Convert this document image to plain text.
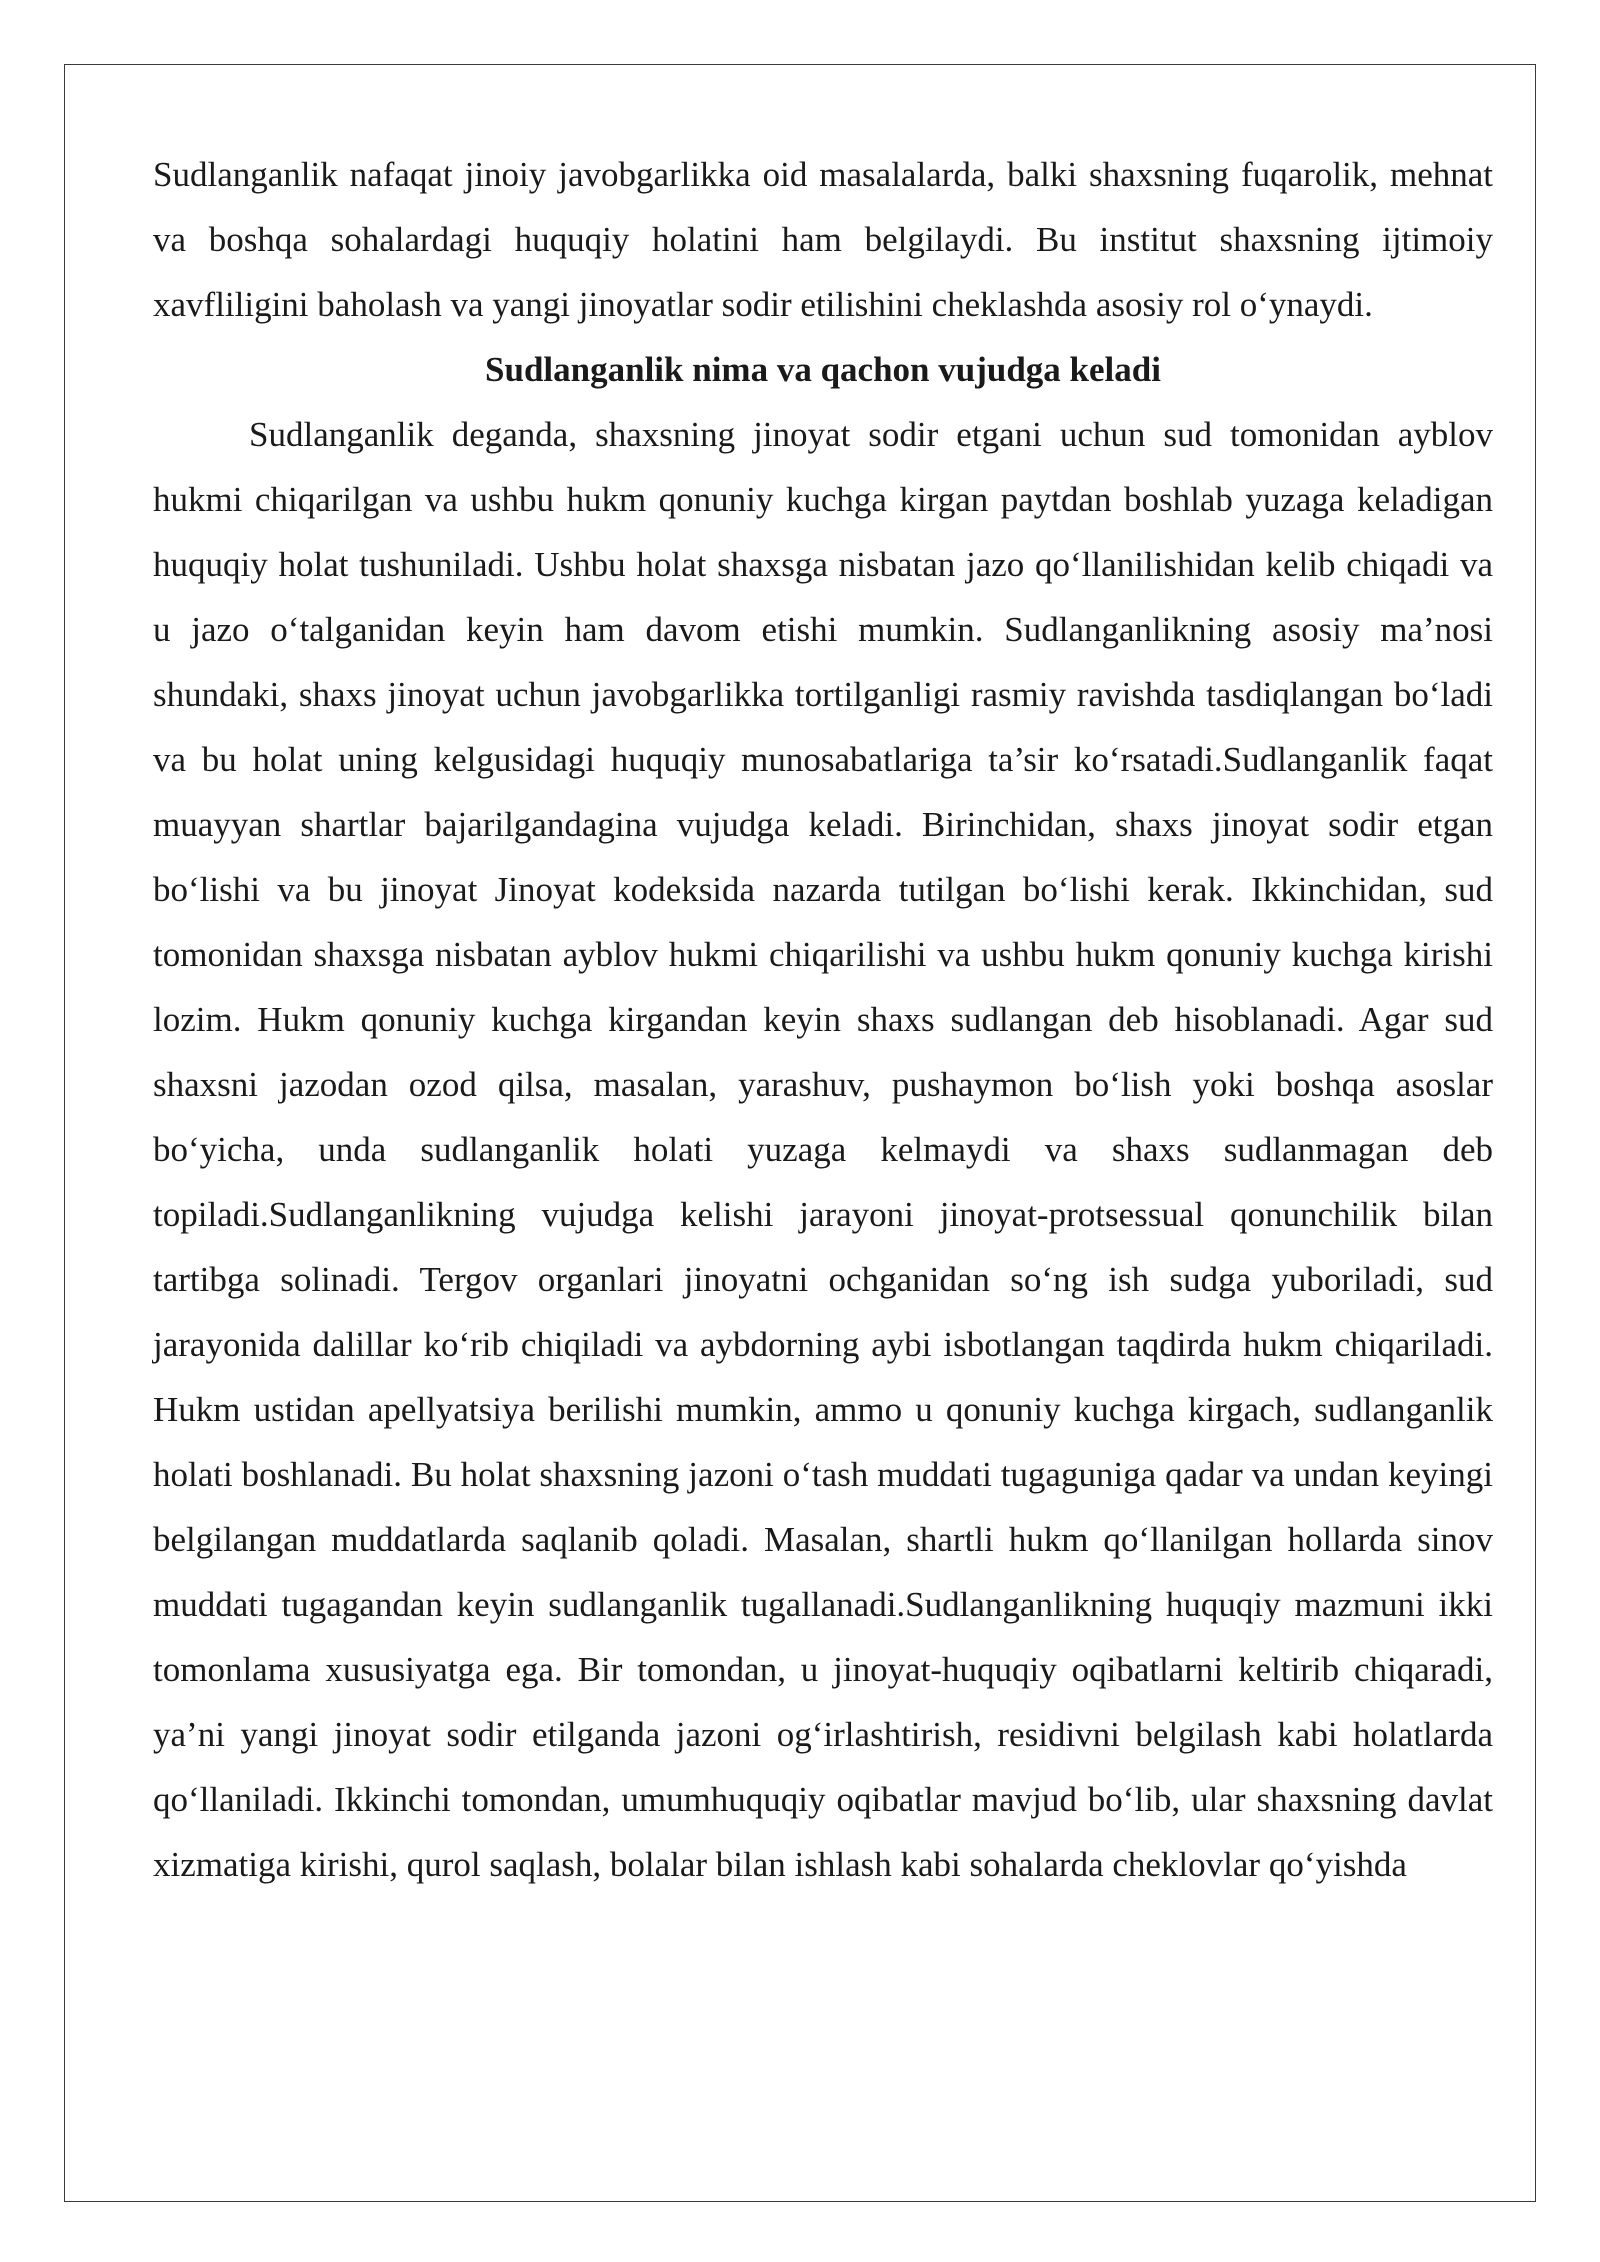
Sudlanganlik nafaqat jinoiy javobgarlikka oid masalalarda, balki shaxsning fuqarolik, mehnat va boshqa sohalardagi huquqiy holatini ham belgilaydi. Bu institut shaxsning ijtimoiy xavfliligini baholash va yangi jinoyatlar sodir etilishini cheklashda asosiy rol o‘ynaydi.

Sudlanganlik nima va qachon vujudga keladi

Sudlanganlik deganda, shaxsning jinoyat sodir etgani uchun sud tomonidan ayblov hukmi chiqarilgan va ushbu hukm qonuniy kuchga kirgan paytdan boshlab yuzaga keladigan huquqiy holat tushuniladi. Ushbu holat shaxsga nisbatan jazo qo‘llanilishidan kelib chiqadi va u jazo o‘talganidan keyin ham davom etishi mumkin. Sudlanganlikning asosiy ma’nosi shundaki, shaxs jinoyat uchun javobgarlikka tortilganligi rasmiy ravishda tasdiqlangan bo‘ladi va bu holat uning kelgusidagi huquqiy munosabatlariga ta’sir ko‘rsatadi.Sudlanganlik faqat muayyan shartlar bajarilgandagina vujudga keladi. Birinchidan, shaxs jinoyat sodir etgan bo‘lishi va bu jinoyat Jinoyat kodeksida nazarda tutilgan bo‘lishi kerak. Ikkinchidan, sud tomonidan shaxsga nisbatan ayblov hukmi chiqarilishi va ushbu hukm qonuniy kuchga kirishi lozim. Hukm qonuniy kuchga kirgandan keyin shaxs sudlangan deb hisoblanadi. Agar sud shaxsni jazodan ozod qilsa, masalan, yarashuv, pushaymon bo‘lish yoki boshqa asoslar bo‘yicha, unda sudlanganlik holati yuzaga kelmaydi va shaxs sudlanmagan deb topiladi.Sudlanganlikning vujudga kelishi jarayoni jinoyat-protsessual qonunchilik bilan tartibga solinadi. Tergov organlari jinoyatni ochganidan so‘ng ish sudga yuboriladi, sud jarayonida dalillar ko‘rib chiqiladi va aybdorning aybi isbotlangan taqdirda hukm chiqariladi. Hukm ustidan apellyatsiya berilishi mumkin, ammo u qonuniy kuchga kirgach, sudlanganlik holati boshlanadi. Bu holat shaxsning jazoni o‘tash muddati tugaguniga qadar va undan keyingi belgilangan muddatlarda saqlanib qoladi. Masalan, shartli hukm qo‘llanilgan hollarda sinov muddati tugagandan keyin sudlanganlik tugallanadi.Sudlanganlikning huquqiy mazmuni ikki tomonlama xususiyatga ega. Bir tomondan, u jinoyat-huquqiy oqibatlarni keltirib chiqaradi, ya’ni yangi jinoyat sodir etilganda jazoni og‘irlashtirish, residivni belgilash kabi holatlarda qo‘llaniladi. Ikkinchi tomondan, umumhuquqiy oqibatlar mavjud bo‘lib, ular shaxsning davlat xizmatiga kirishi, qurol saqlash, bolalar bilan ishlash kabi sohalarda cheklovlar qo‘yishda
